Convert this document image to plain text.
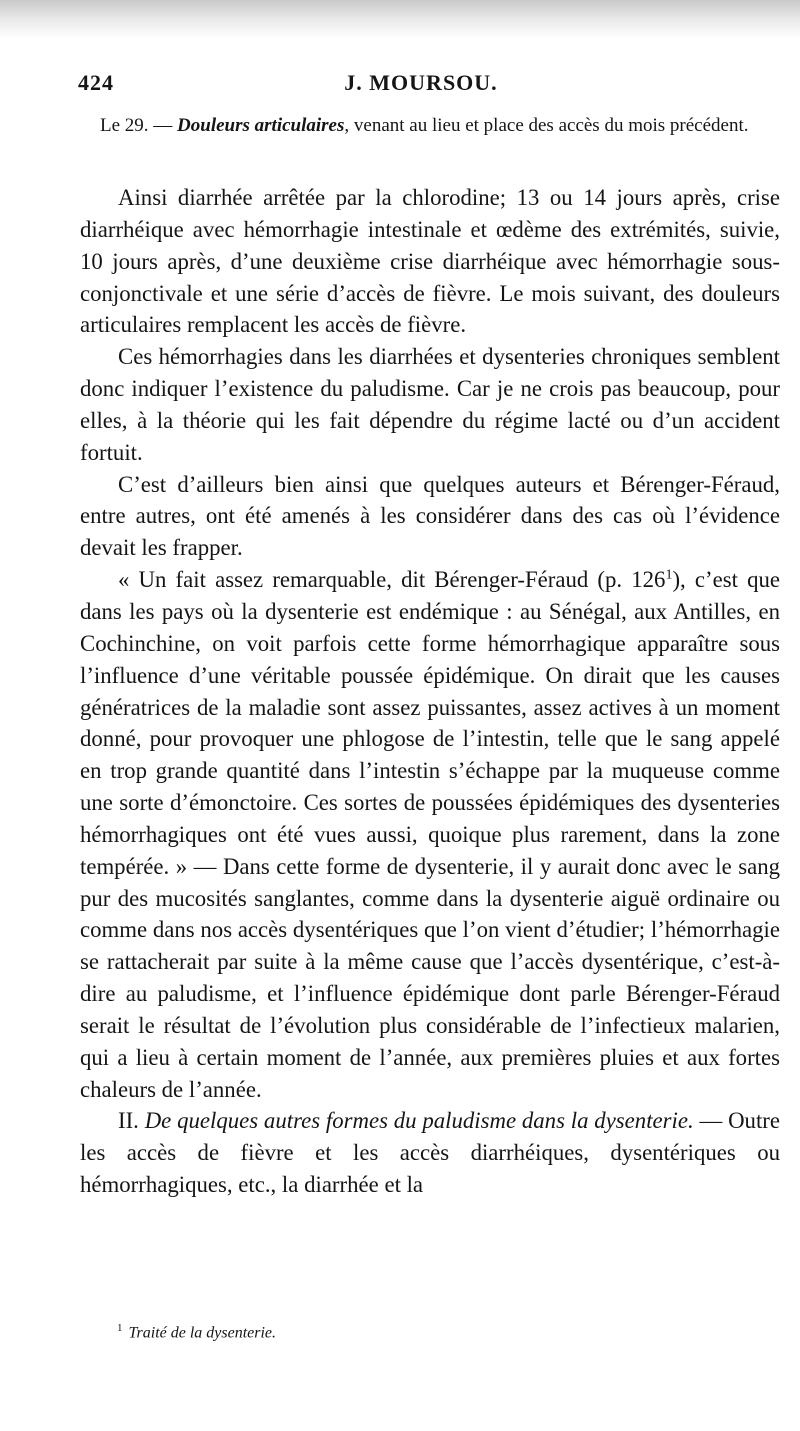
424	J. MOURSOU.

Le 29. — Douleurs articulaires, venant au lieu et place des accès du mois précédent.

Ainsi diarrhée arrêtée par la chlorodine; 13 ou 14 jours après, crise diarrhéique avec hémorrhagie intestinale et œdème des extrémités, suivie, 10 jours après, d’une deuxième crise diarrhéique avec hémorrhagie sous-conjonctivale et une série d’accès de fièvre. Le mois suivant, des douleurs articulaires remplacent les accès de fièvre.

Ces hémorrhagies dans les diarrhées et dysenteries chroniques semblent donc indiquer l’existence du paludisme. Car je ne crois pas beaucoup, pour elles, à la théorie qui les fait dépendre du régime lacté ou d’un accident fortuit.

C’est d’ailleurs bien ainsi que quelques auteurs et Bérenger-Féraud, entre autres, ont été amenés à les considérer dans des cas où l’évidence devait les frapper.

« Un fait assez remarquable, dit Bérenger-Féraud (p. 126$^1$), c’est que dans les pays où la dysenterie est endémique : au Sénégal, aux Antilles, en Cochinchine, on voit parfois cette forme hémorrhagique apparaître sous l’influence d’une véritable poussée épidémique. On dirait que les causes génératrices de la maladie sont assez puissantes, assez actives à un moment donné, pour provoquer une phlogose de l’intestin, telle que le sang appelé en trop grande quantité dans l’intestin s’échappe par la muqueuse comme une sorte d’émonctoire. Ces sortes de poussées épidémiques des dysenteries hémorrhagiques ont été vues aussi, quoique plus rarement, dans la zone tempérée. » — Dans cette forme de dysenterie, il y aurait donc avec le sang pur des mucosités sanglantes, comme dans la dysenterie aiguë ordinaire ou comme dans nos accès dysentériques que l’on vient d’étudier; l’hémorrhagie se rattacherait par suite à la même cause que l’accès dysentérique, c’est-à-dire au paludisme, et l’influence épidémique dont parle Bérenger-Féraud serait le résultat de l’évolution plus considérable de l’infectieux malarien, qui a lieu à certain moment de l’année, aux premières pluies et aux fortes chaleurs de l’année.

II. De quelques autres formes du paludisme dans la dysenterie. — Outre les accès de fièvre et les accès diarrhéiques, dysentériques ou hémorrhagiques, etc., la diarrhée et la

$^1$ Traité de la dysenterie.
